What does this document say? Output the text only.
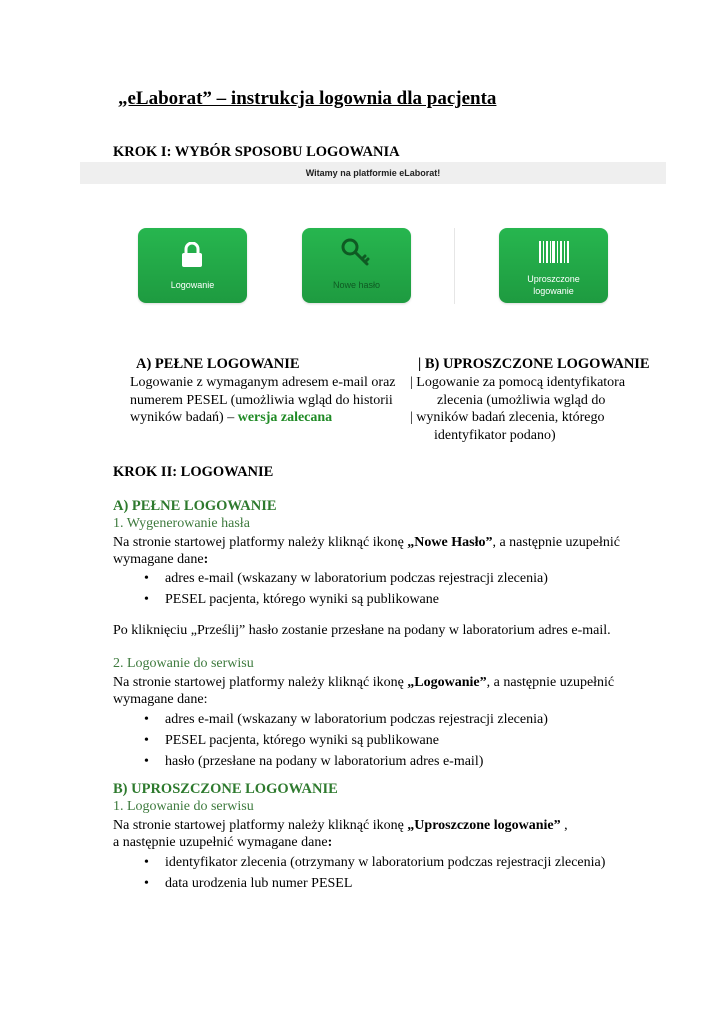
„eLaborat” – instrukcja logownia dla pacjenta
KROK I: WYBÓR SPOSOBU LOGOWANIA
Witamy na platformie eLaborat!
Logowanie	Nowe hasło
Uproszczone
logowanie
A) PEŁNE LOGOWANIE
Logowanie z wymaganym adresem e-mail oraz
numerem PESEL (umożliwia wgląd do historii
wyników badań) – wersja zalecana
| B) UPROSZCZONE LOGOWANIE
| Logowanie za pomocą identyfikatora
zlecenia (umożliwia wgląd do
| wyników badań zlecenia, którego
identyfikator podano)
KROK II: LOGOWANIE
A) PEŁNE LOGOWANIE
1. Wygenerowanie hasła
Na stronie startowej platformy należy kliknąć ikonę „Nowe Hasło”, a następnie uzupełnić
wymagane dane:
• adres e-mail (wskazany w laboratorium podczas rejestracji zlecenia)
• PESEL pacjenta, którego wyniki są publikowane
Po kliknięciu „Prześlij” hasło zostanie przesłane na podany w laboratorium adres e-mail.
2. Logowanie do serwisu
Na stronie startowej platformy należy kliknąć ikonę „Logowanie”, a następnie uzupełnić
wymagane dane:
• adres e-mail (wskazany w laboratorium podczas rejestracji zlecenia)
• PESEL pacjenta, którego wyniki są publikowane
• hasło (przesłane na podany w laboratorium adres e-mail)
B) UPROSZCZONE LOGOWANIE
1. Logowanie do serwisu
Na stronie startowej platformy należy kliknąć ikonę „Uproszczone logowanie” ,
a następnie uzupełnić wymagane dane:
• identyfikator zlecenia (otrzymany w laboratorium podczas rejestracji zlecenia)
• data urodzenia lub numer PESEL
